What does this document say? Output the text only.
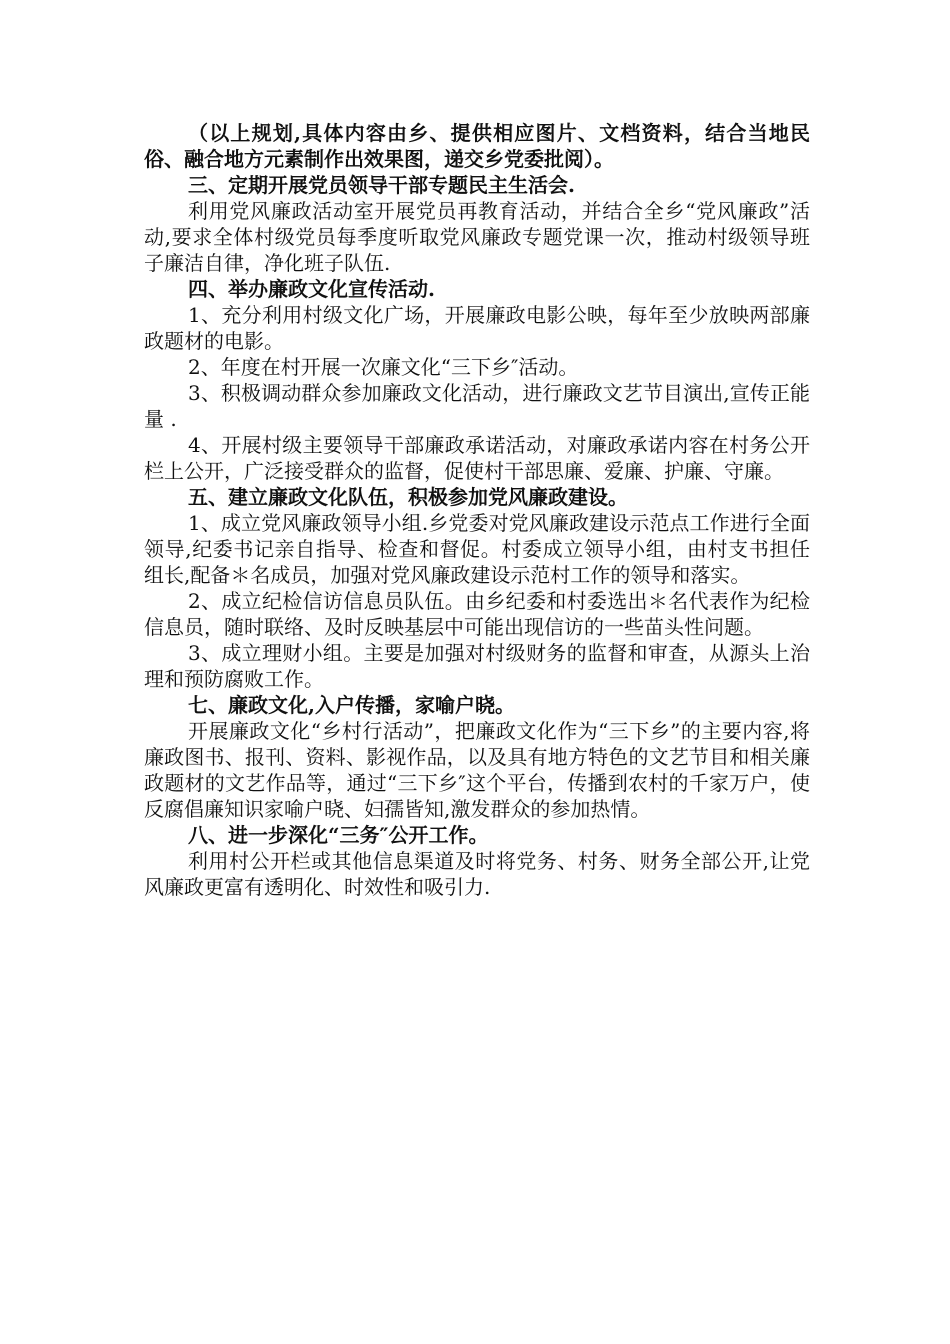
（以上规划,具体内容由乡、提供相应图片、文档资料，结合当地民俗、融合地方元素制作出效果图，递交乡党委批阅）。

三、定期开展党员领导干部专题民主生活会.

利用党风廉政活动室开展党员再教育活动，并结合全乡“党风廉政”活动,要求全体村级党员每季度听取党风廉政专题党课一次，推动村级领导班子廉洁自律，净化班子队伍.

四、举办廉政文化宣传活动.

1、充分利用村级文化广场，开展廉政电影公映，每年至少放映两部廉政题材的电影。

2、年度在村开展一次廉文化“三下乡″活动。

3、积极调动群众参加廉政文化活动，进行廉政文艺节目演出,宣传正能量 .

4、开展村级主要领导干部廉政承诺活动，对廉政承诺内容在村务公开栏上公开，广泛接受群众的监督，促使村干部思廉、爱廉、护廉、守廉。

五、建立廉政文化队伍，积极参加党风廉政建设。

1、成立党风廉政领导小组.乡党委对党风廉政建设示范点工作进行全面领导,纪委书记亲自指导、检查和督促。村委成立领导小组，由村支书担任组长,配备＊名成员，加强对党风廉政建设示范村工作的领导和落实。

2、成立纪检信访信息员队伍。由乡纪委和村委选出＊名代表作为纪检信息员，随时联络、及时反映基层中可能出现信访的一些苗头性问题。

3、成立理财小组。主要是加强对村级财务的监督和审查，从源头上治理和预防腐败工作。

七、廉政文化,入户传播，家喻户晓。

开展廉政文化“乡村行活动”，把廉政文化作为“三下乡”的主要内容,将廉政图书、报刊、资料、影视作品，以及具有地方特色的文艺节目和相关廉政题材的文艺作品等，通过“三下乡″这个平台，传播到农村的千家万户，使反腐倡廉知识家喻户晓、妇孺皆知,激发群众的参加热情。

八、进一步深化“三务″公开工作。

利用村公开栏或其他信息渠道及时将党务、村务、财务全部公开,让党风廉政更富有透明化、时效性和吸引力.
